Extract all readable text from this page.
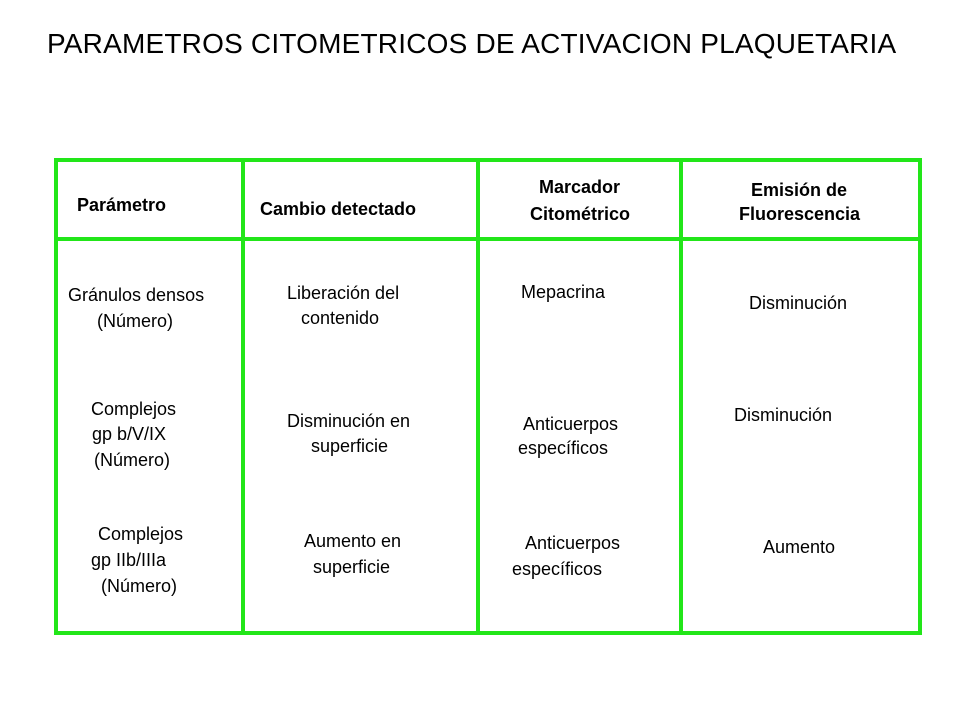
PARAMETROS CITOMETRICOS DE ACTIVACION PLAQUETARIA
Parámetro	Cambio detectado
Marcador
Citométrico
Emisión de
Fluorescencia
Gránulos densos
(Número)
Liberación del
contenido
Mepacrina
Disminución
Complejos
gp b/V/IX
(Número)
Disminución en
superficie
Anticuerpos
específicos
Disminución
Complejos
gp IIb/IIIa
(Número)
Aumento en
superficie
Anticuerpos
específicos
Aumento
